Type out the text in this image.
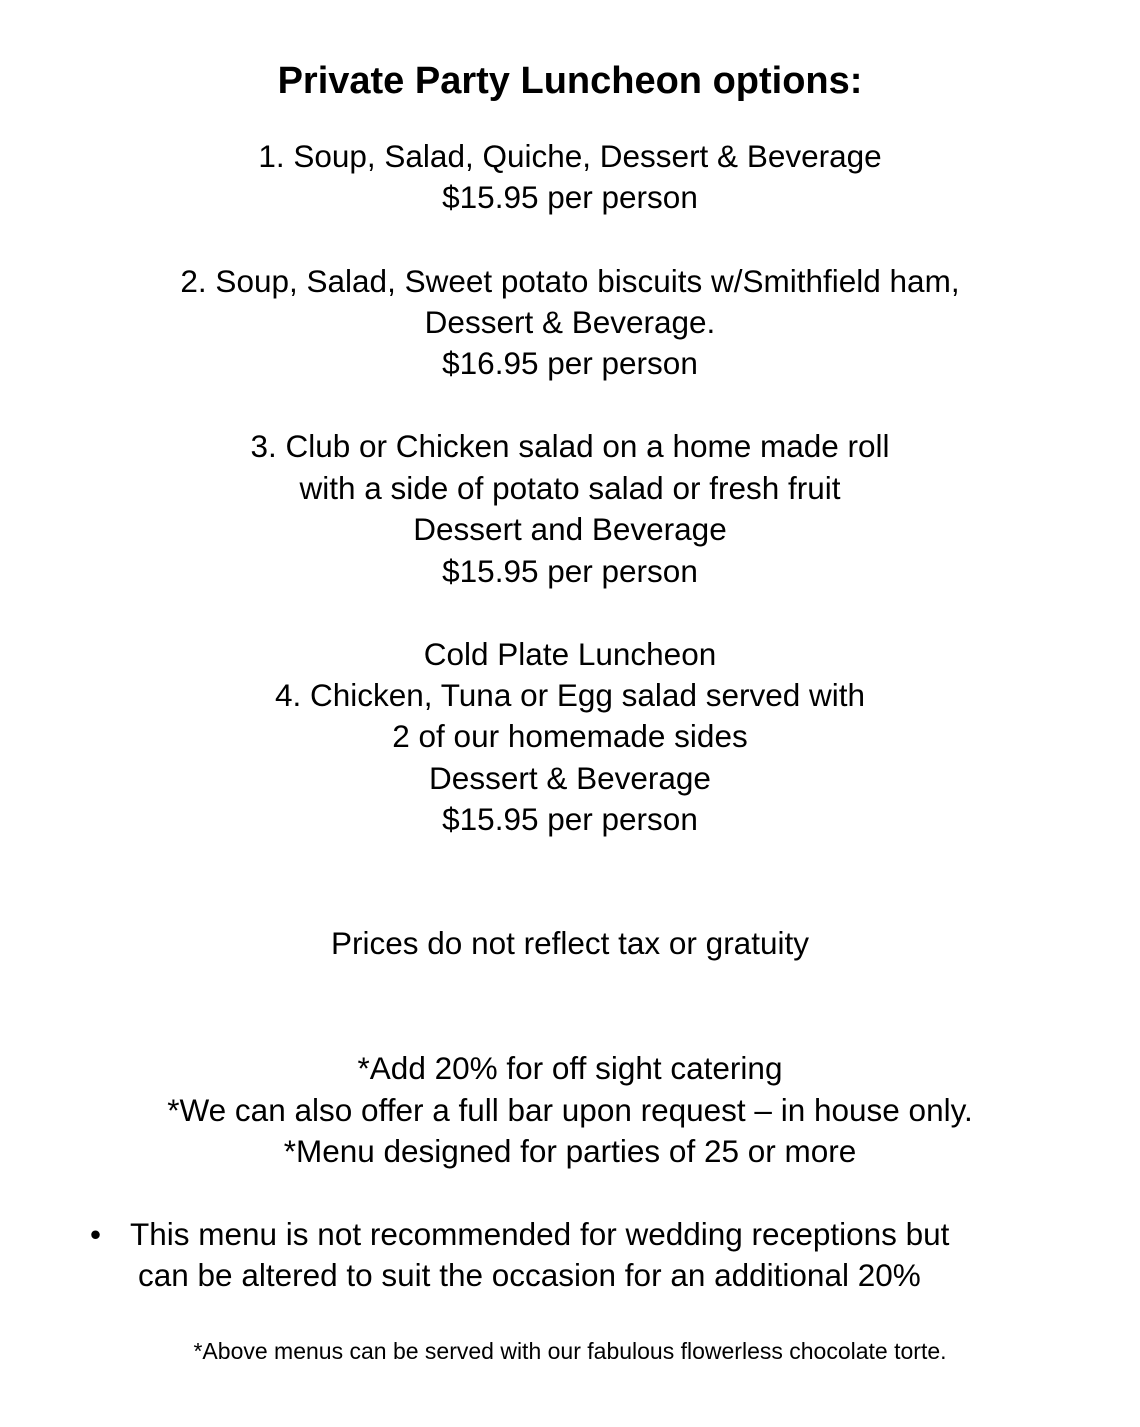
Private Party Luncheon options:
1. Soup, Salad, Quiche, Dessert & Beverage
$15.95 per person
2. Soup, Salad, Sweet potato biscuits w/Smithfield ham,
Dessert & Beverage.
$16.95 per person
3. Club or Chicken salad on a home made roll
with a side of potato salad or fresh fruit
Dessert and Beverage
$15.95 per person
Cold Plate Luncheon
4. Chicken, Tuna or Egg salad served with
2 of our homemade sides
Dessert & Beverage
$15.95 per person
Prices do not reflect tax or gratuity
*Add 20% for off sight catering
*We can also offer a full bar upon request – in house only.
*Menu designed for parties of 25 or more
• This menu is not recommended for wedding receptions but
can be altered to suit the occasion for an additional 20%
*Above menus can be served with our fabulous flowerless chocolate torte.
